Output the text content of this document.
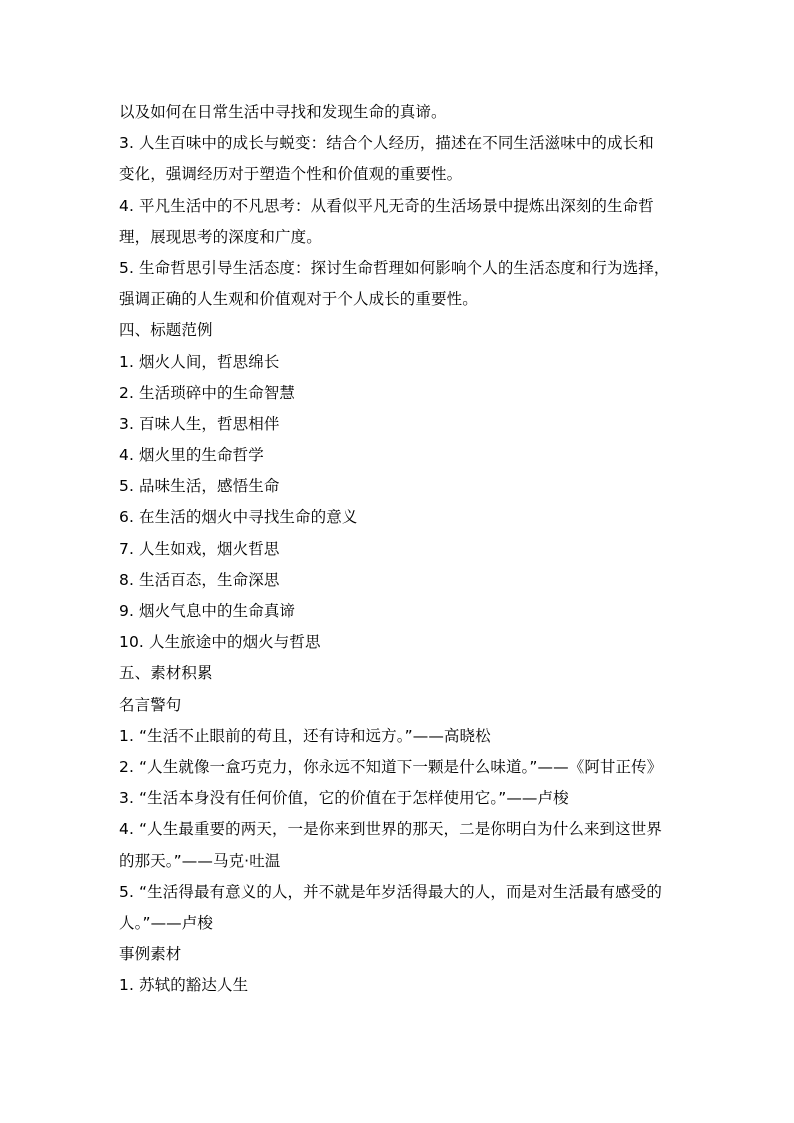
以及如何在日常生活中寻找和发现生命的真谛。
3. 人生百味中的成长与蜕变：结合个人经历，描述在不同生活滋味中的成长和
变化，强调经历对于塑造个性和价值观的重要性。
4. 平凡生活中的不凡思考：从看似平凡无奇的生活场景中提炼出深刻的生命哲
理，展现思考的深度和广度。
5. 生命哲思引导生活态度：探讨生命哲理如何影响个人的生活态度和行为选择，
强调正确的人生观和价值观对于个人成长的重要性。
四、标题范例
1. 烟火人间，哲思绵长
2. 生活琐碎中的生命智慧
3. 百味人生，哲思相伴
4. 烟火里的生命哲学
5. 品味生活，感悟生命
6. 在生活的烟火中寻找生命的意义
7. 人生如戏，烟火哲思
8. 生活百态，生命深思
9. 烟火气息中的生命真谛
10. 人生旅途中的烟火与哲思
五、素材积累
名言警句
1. “生活不止眼前的苟且，还有诗和远方。”——高晓松
2. “人生就像一盒巧克力，你永远不知道下一颗是什么味道。”——《阿甘正传》
3. “生活本身没有任何价值，它的价值在于怎样使用它。”——卢梭
4. “人生最重要的两天，一是你来到世界的那天，二是你明白为什么来到这世界
的那天。”——马克·吐温
5. “生活得最有意义的人，并不就是年岁活得最大的人，而是对生活最有感受的
人。”——卢梭
事例素材
1. 苏轼的豁达人生
